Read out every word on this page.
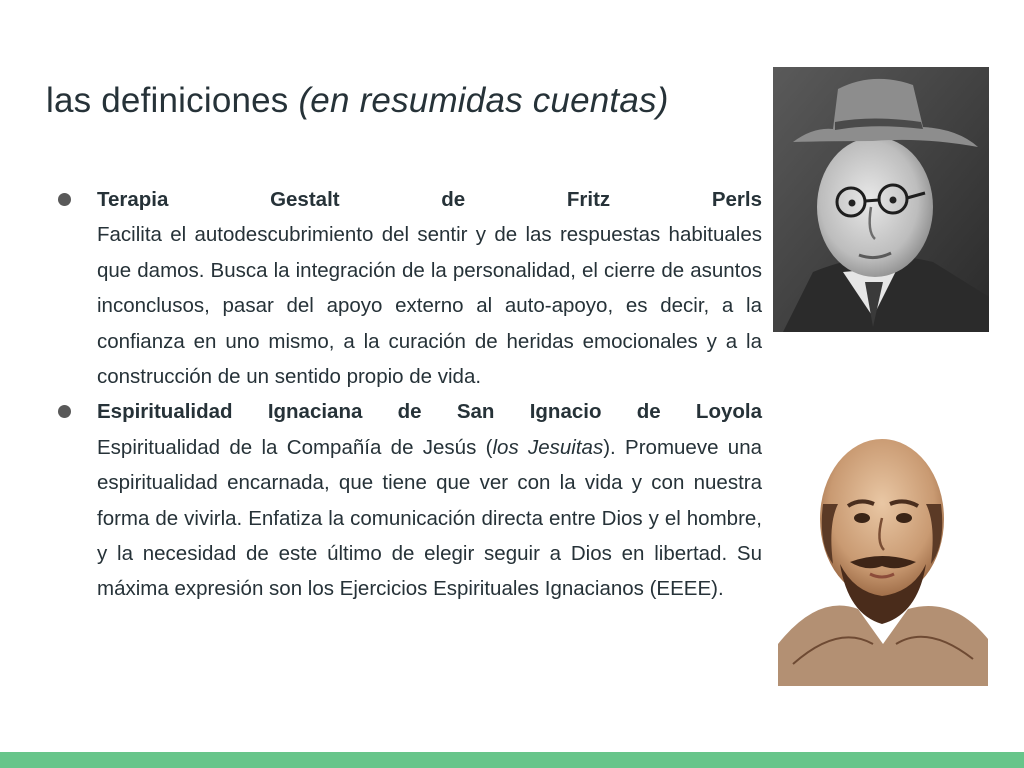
las definiciones (en resumidas cuentas)
Terapia Gestalt de Fritz Perls
Facilita el autodescubrimiento del sentir y de las respuestas habituales que damos. Busca la integración de la personalidad, el cierre de asuntos inconclusos, pasar del apoyo externo al auto-apoyo, es decir, a la confianza en uno mismo, a la curación de heridas emocionales y a la construcción de un sentido propio de vida.
Espiritualidad Ignaciana de San Ignacio de Loyola
Espiritualidad de la Compañía de Jesús (los Jesuitas). Promueve una espiritualidad encarnada, que tiene que ver con la vida y con nuestra forma de vivirla. Enfatiza la comunicación directa entre Dios y el hombre, y la necesidad de este último de elegir seguir a Dios en libertad. Su máxima expresión son los Ejercicios Espirituales Ignacianos (EEEE).
